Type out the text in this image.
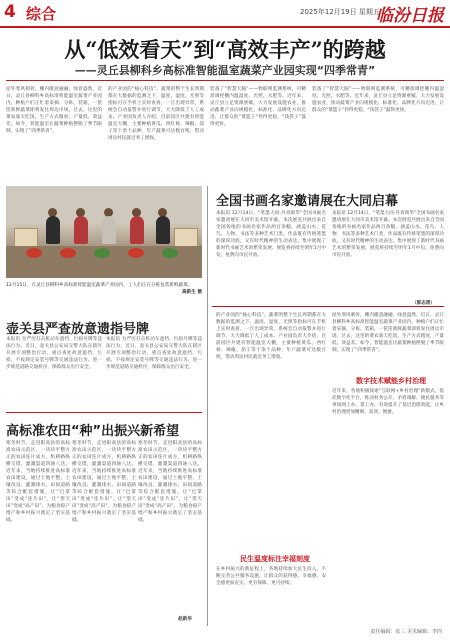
4 综合	2025年12月19日 星期五
临汾日报
从“低效看天”到“高效丰产”的跨越
——灵丘县柳科乡高标准智能温室蔬菜产业园实现“四季常青”
屋外寒风刺骨，棚内暖意融融，绿意盎然。近日，灵丘县柳科乡高标准智能温室蔬菜产业园内，种植户们正忙着采摘、分拣、装箱，一筐筐新鲜蔬菜即将发往周边市场。过去，这里的菜农靠天吃饭，生产方式粗放，产量低、效益差。如今，智能温室让蔬菜种植摆脱了季节限制，实现了“四季常青”。
的产业园的“核心科技”。蔬菜的整个生长周期都在大数据的监测之下，温度、湿度、光照等指标可在手机上实时查看，一旦出现异常，系统会自动报警并进行调节，大大降低了人工成本。产业园负责人介绍，目前园区共建有智能温室大棚，主要种植黄瓜、西红柿、辣椒、茄子等十余个品种，年产蔬菜可达数百吨，带动周边村民就近务工增收。
装备了“智慧大脑”——物联网监测系统，可精准调控棚内温湿度、光照、水肥等。近年来，灵丘县立足资源禀赋，大力发展设施农业，推动蔬菜产业向规模化、标准化、品牌化方向迈进，让群众的“菜篮子”拎得更稳，“钱袋子”鼓得更快。
装备了“智慧大脑”——物联网监测系统，可精准调控棚内温湿度、光照、水肥等。近年来，灵丘县立足资源禀赋，大力发展设施农业，推动蔬菜产业向规模化、标准化、品牌化方向迈进，让群众的“菜篮子”拎得更稳，“钱袋子”鼓得更快。
12月15日，在灵丘县柳科乡高标准智能温室蔬菜产业园内，工人们正在分拣包装新鲜蔬菜。
高新生 摄
全国书画名家邀请展在大同启幕
本报讯 12月14日，“笔墨大同·丹青颂华”全国书画名家邀请展在大同市美术馆开幕。本次展览共展出来自全国各地的书画名家作品两百余幅，涵盖山水、花鸟、人物、书法等多种艺术门类，作品既有传统笔墨的深厚功底，又有时代精神的生动表达，集中展现了新时代书画艺术的繁荣发展。展览将持续至明年1月中旬，免费向市民开放。
本报讯 12月14日，“笔墨大同·丹青颂华”全国书画名家邀请展在大同市美术馆开幕。本次展览共展出来自全国各地的书画名家作品两百余幅，涵盖山水、花鸟、人物、书法等多种艺术门类，作品既有传统笔墨的深厚功底，又有时代精神的生动表达，集中展现了新时代书画艺术的繁荣发展。展览将持续至明年1月中旬，免费向市民开放。
（郭志清）
壶关县严查放意遗指号牌
本报讯 为严厉打击机动车遮挡、污损号牌等违法行为，近日，壶关县公安局交警大队在辖区开展专项整治行动，重点查处故意遮挡、污损、不按规定安装号牌等交通违法行为，进一步规范道路交通秩序，保障群众出行安全。
本报讯 为严厉打击机动车遮挡、污损号牌等违法行为，近日，壶关县公安局交警大队在辖区开展专项整治行动，重点查处故意遮挡、污损、不按规定安装号牌等交通违法行为，进一步规范道路交通秩序，保障群众出行安全。
高标准农田“种”出振兴新希望
寒冬时节，走进阳高县的高标准农田示范区，一块块平整方正的农田连片成方，机耕路纵横交错，灌溉渠道四通八达。近年来，当地持续推进高标准农田建设，通过土地平整、土壤改良、灌溉排水、田间道路等综合配套措施，让“巴掌田”变成“连片田”，让“望天田”变成“高产田”，为粮食稳产增产和乡村振兴奠定了坚实基础。
寒冬时节，走进阳高县的高标准农田示范区，一块块平整方正的农田连片成方，机耕路纵横交错，灌溉渠道四通八达。近年来，当地持续推进高标准农田建设，通过土地平整、土壤改良、灌溉排水、田间道路等综合配套措施，让“巴掌田”变成“连片田”，让“望天田”变成“高产田”，为粮食稳产增产和乡村振兴奠定了坚实基础。
寒冬时节，走进阳高县的高标准农田示范区，一块块平整方正的农田连片成方，机耕路纵横交错，灌溉渠道四通八达。近年来，当地持续推进高标准农田建设，通过土地平整、土壤改良、灌溉排水、田间道路等综合配套措施，让“巴掌田”变成“连片田”，让“望天田”变成“高产田”，为粮食稳产增产和乡村振兴奠定了坚实基础。
赵新华
的产业园的“核心科技”。蔬菜的整个生长周期都在大数据的监测之下，温度、湿度、光照等指标可在手机上实时查看，一旦出现异常，系统会自动报警并进行调节，大大降低了人工成本。产业园负责人介绍，目前园区共建有智能温室大棚，主要种植黄瓜、西红柿、辣椒、茄子等十余个品种，年产蔬菜可达数百吨，带动周边村民就近务工增收。
民生温度标注幸福刻度
在乡村振兴的新征程上，各地持续加大民生投入，不断完善公共服务设施，让群众的获得感、幸福感、安全感更加充实、更有保障、更可持续。
屋外寒风刺骨，棚内暖意融融，绿意盎然。近日，灵丘县柳科乡高标准智能温室蔬菜产业园内，种植户们正忙着采摘、分拣、装箱，一筐筐新鲜蔬菜即将发往周边市场。过去，这里的菜农靠天吃饭，生产方式粗放，产量低、效益差。如今，智能温室让蔬菜种植摆脱了季节限制，实现了“四季常青”。
数字技术赋能乡村治理
近年来，各地积极探索“互联网+乡村治理”新模式，依托数字化平台，推动村务公开、矛盾调解、便民服务等事项网上办、掌上办，有效提升了基层治理效能，让乡村治理更加精细、高效、便捷。
责任编辑：张三 美术编辑：李四
